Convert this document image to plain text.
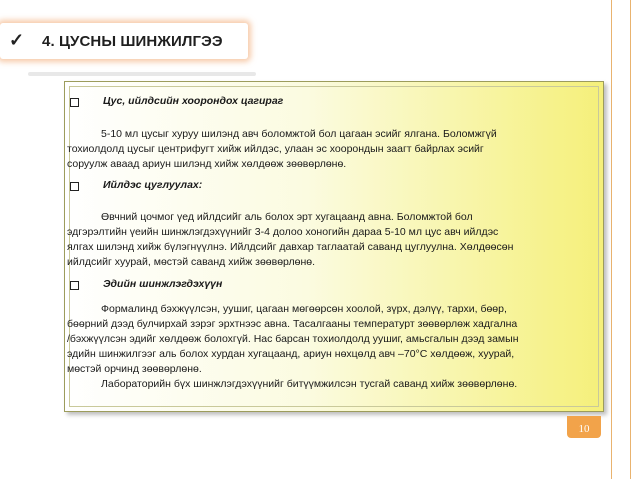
✓ 4. ЦУСНЫ ШИНЖИЛГЭЭ
Цус, ийлдсийн хоорондох цагираг
5-10 мл цусыг хуруу шилэнд авч боломжтой бол цагаан эсийг ялгана. Боломжгүй
тохиолдолд цусыг центрифугт хийж ийлдэс, улаан эс хоорондын заагт байрлах эсийг
соруулж аваад ариун шилэнд хийж хөлдөөж зөөвөрлөнө.
Ийлдэс цуглуулах:
Өвчний цочмог үед ийлдсийг аль болох эрт хугацаанд авна. Боломжтой бол
эдгэрэлтийн үеийн шинжлэгдэхүүнийг 3-4 долоо хоногийн дараа 5-10 мл цус авч ийлдэс
ялгах шилэнд хийж бүлэгнүүлнэ. Ийлдсийг давхар таглаатай саванд цуглуулна. Хөлдөөсөн
ийлдсийг хуурай, мөстэй саванд хийж зөөвөрлөнө.
Эдийн шинжлэгдэхүүн
Формалинд бэхжүүлсэн, уушиг, цагаан мөгөөрсөн хоолой, зүрх, дэлүү, тархи, бөөр,
бөөрний дээд булчирхай зэрэг эрхтнээс авна. Тасалгааны температурт зөөвөрлөж хадгална
/бэхжүүлсэн эдийг хөлдөөж болохгүй. Нас барсан тохиолдолд уушиг, амьсгалын дээд замын
эдийн шинжилгээг аль болох хурдан хугацаанд, ариун нөхцөлд авч –70°С хөлдөөж, хуурай,
мөстэй орчинд зөөвөрлөнө.
Лабораторийн бүх шинжлэгдэхүүнийг битүүмжилсэн тусгай саванд хийж зөөвөрлөнө.
10
